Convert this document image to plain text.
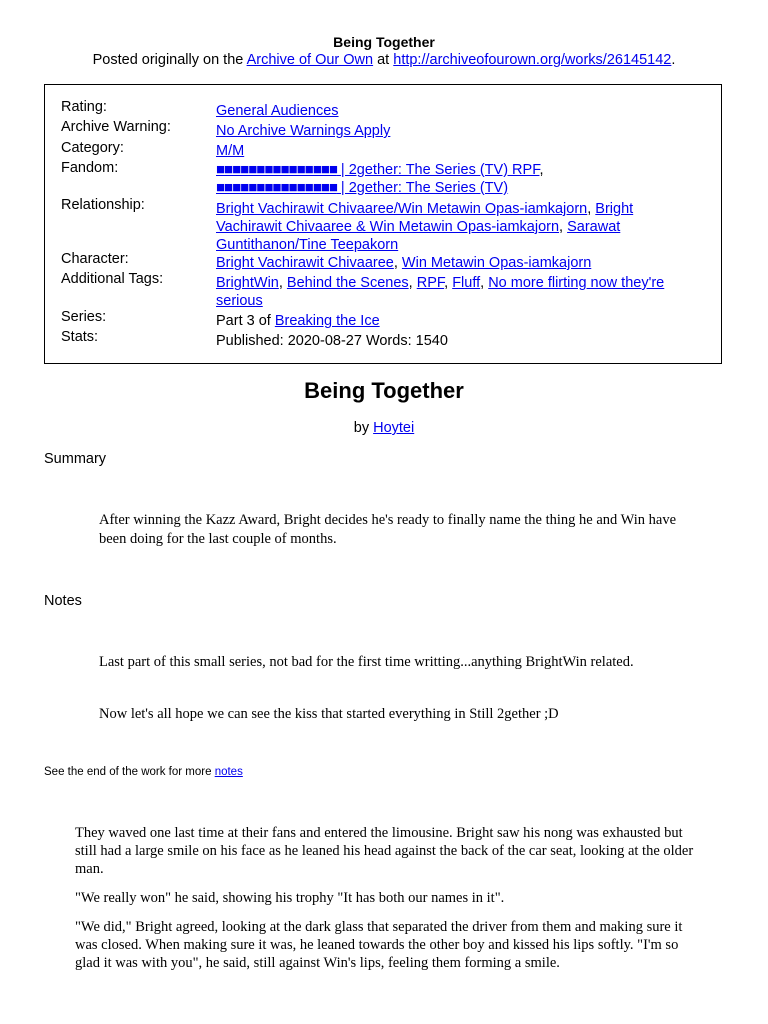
Being Together
Posted originally on the Archive of Our Own at http://archiveofourown.org/works/26145142.
Rating:	General Audiences
Archive Warning:	No Archive Warnings Apply
Category:	M/M
Fandom:	■■■■■■■■■■■■■■■ | 2gether: The Series (TV) RPF,
■■■■■■■■■■■■■■■ | 2gether: The Series (TV)
Relationship:	Bright Vachirawit Chivaaree/Win Metawin Opas-iamkajorn, Bright
Vachirawit Chivaaree & Win Metawin Opas-iamkajorn, Sarawat
Guntithanon/Tine Teepakorn
Character:	Bright Vachirawit Chivaaree, Win Metawin Opas-iamkajorn
Additional Tags:	BrightWin, Behind the Scenes, RPF, Fluff, No more flirting now they're
serious
Series:	Part 3 of Breaking the Ice
Stats:	Published: 2020-08-27 Words: 1540
Being Together
by Hoytei
Summary
After winning the Kazz Award, Bright decides he's ready to finally name the thing he and Win have been doing for the last couple of months.
Notes
Last part of this small series, not bad for the first time writting...anything BrightWin related.
Now let's all hope we can see the kiss that started everything in Still 2gether ;D
See the end of the work for more notes

They waved one last time at their fans and entered the limousine. Bright saw his nong was exhausted but still had a large smile on his face as he leaned his head against the back of the car seat, looking at the older man.

"We really won" he said, showing his trophy "It has both our names in it".

"We did," Bright agreed, looking at the dark glass that separated the driver from them and making sure it was closed. When making sure it was, he leaned towards the other boy and kissed his lips softly. "I'm so glad it was with you", he said, still against Win's lips, feeling them forming a smile.
